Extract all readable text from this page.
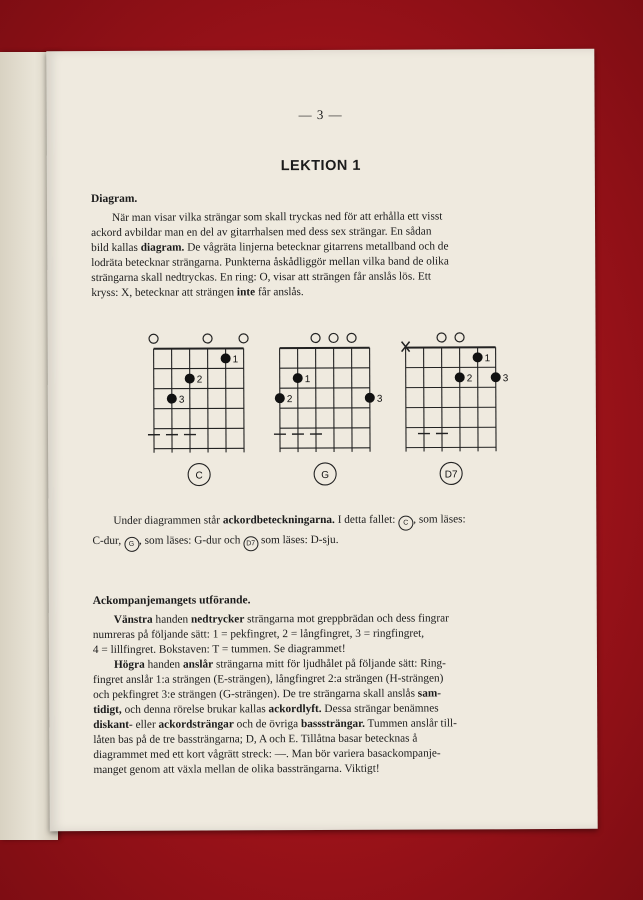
— 3 —
LEKTION 1
Diagram.

När man visar vilka strängar som skall tryckas ned för att erhålla ett visst

ackord avbildar man en del av gitarrhalsen med dess sex strängar. En sådan

bild kallas diagram. De vågräta linjerna betecknar gitarrens metallband och de

lodräta betecknar strängarna. Punkterna åskådliggör mellan vilka band de olika

strängarna skall nedtryckas. En ring: O, visar att strängen får anslås lös. Ett

kryss: X, betecknar att strängen inte får anslås.

1
2
3
C
1
2	3
G
1
2	3
D7

Under diagrammen står ackordbeteckningarna. I detta fallet: C , som läses:

C-dur, G , som läses: G-dur och D7 som läses: D-sju.

Ackompanjemangets utförande.

Vänstra handen nedtrycker strängarna mot greppbrädan och dess fingrar

numreras på följande sätt: 1 = pekfingret, 2 = långfingret, 3 = ringfingret,

4 = lillfingret. Bokstaven: T = tummen. Se diagrammet!

Högra handen anslår strängarna mitt för ljudhålet på följande sätt: Ring-

fingret anslår 1:a strängen (E-strängen), långfingret 2:a strängen (H-strängen)

och pekfingret 3:e strängen (G-strängen). De tre strängarna skall anslås sam-

tidigt, och denna rörelse brukar kallas ackordlyft. Dessa strängar benämnes

diskant- eller ackordsträngar och de övriga basssträngar. Tummen anslår till-

låten bas på de tre bassträngarna; D, A och E. Tillåtna basar betecknas å

diagrammet med ett kort vågrätt streck: —. Man bör variera basackompanje-

manget genom att växla mellan de olika bassträngarna. Viktigt!
